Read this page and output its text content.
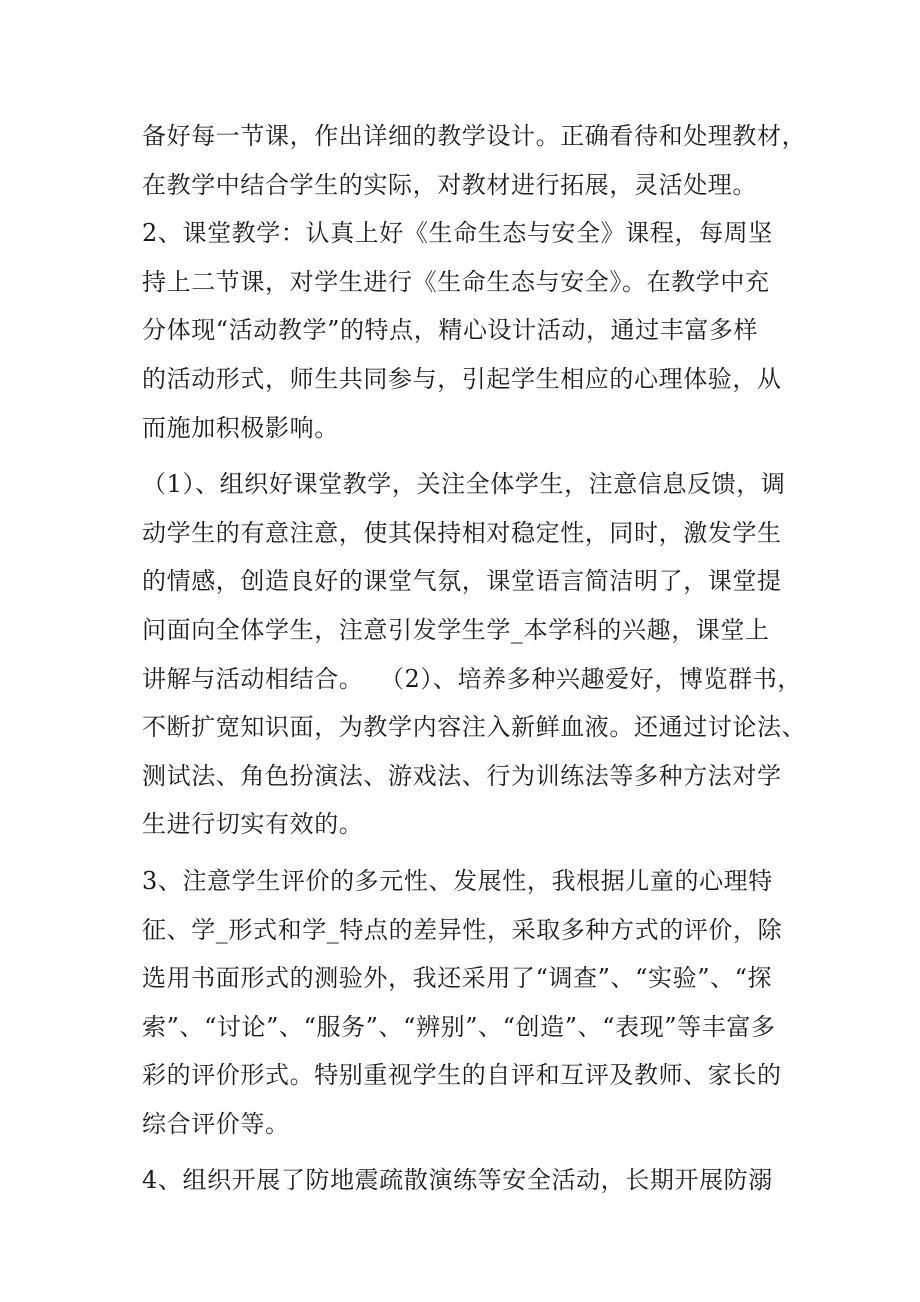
备好每一节课，作出详细的教学设计。正确看待和处理教材，
在教学中结合学生的实际，对教材进行拓展，灵活处理。
2、课堂教学：认真上好《生命生态与安全》课程，每周坚
持上二节课，对学生进行《生命生态与安全》。在教学中充
分体现“活动教学”的特点，精心设计活动，通过丰富多样
的活动形式，师生共同参与，引起学生相应的心理体验，从
而施加积极影响。
（1）、组织好课堂教学，关注全体学生，注意信息反馈，调
动学生的有意注意，使其保持相对稳定性，同时，激发学生
的情感，创造良好的课堂气氛，课堂语言简洁明了，课堂提
问面向全体学生，注意引发学生学_本学科的兴趣，课堂上
讲解与活动相结合。  （2）、培养多种兴趣爱好，博览群书，
不断扩宽知识面，为教学内容注入新鲜血液。还通过讨论法、
测试法、角色扮演法、游戏法、行为训练法等多种方法对学
生进行切实有效的。
3、注意学生评价的多元性、发展性，我根据儿童的心理特
征、学_形式和学_特点的差异性，采取多种方式的评价，除
选用书面形式的测验外，我还采用了“调查”、“实验”、“探
索”、“讨论”、“服务”、“辨别”、“创造”、“表现”等丰富多
彩的评价形式。特别重视学生的自评和互评及教师、家长的
综合评价等。
4、组织开展了防地震疏散演练等安全活动，长期开展防溺
